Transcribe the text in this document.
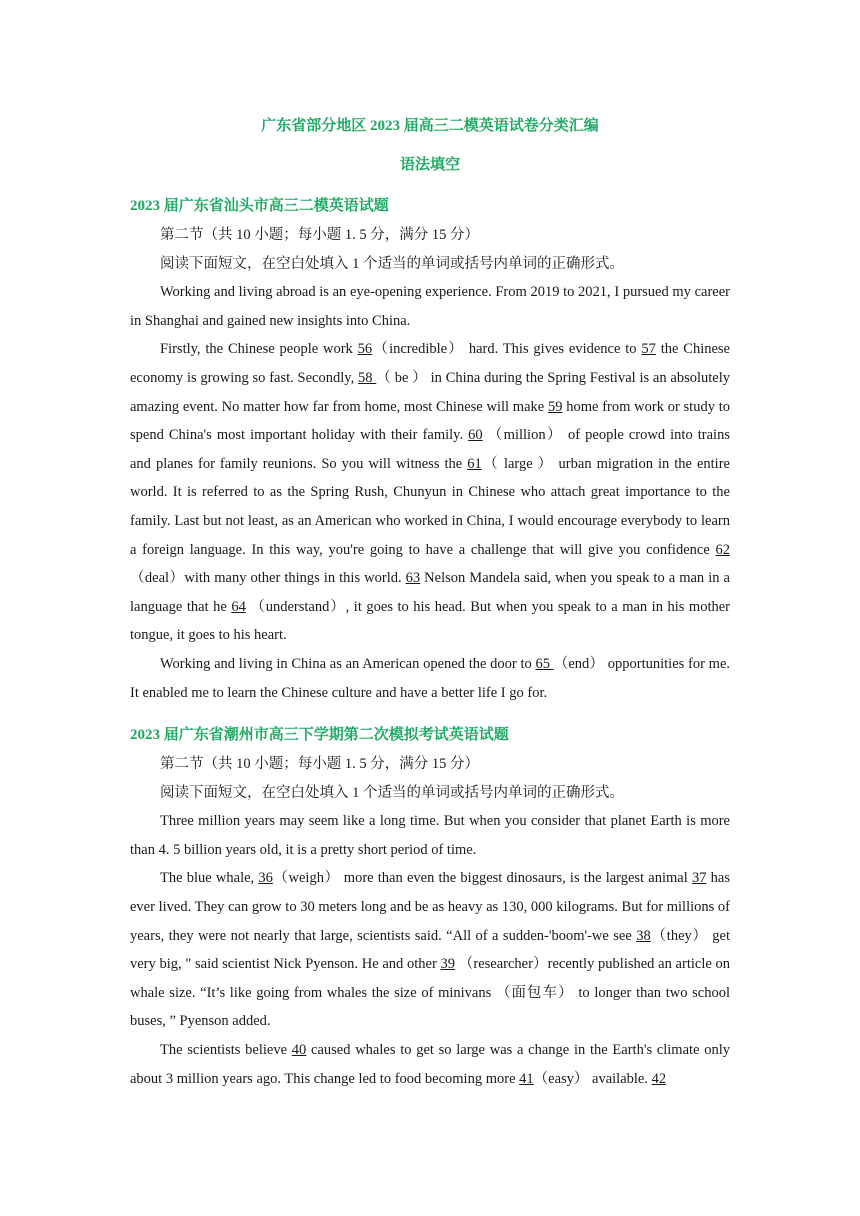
广东省部分地区 2023 届高三二模英语试卷分类汇编

语法填空

2023 届广东省汕头市高三二模英语试题

第二节（共 10 小题；每小题 1. 5 分，满分 15 分）

阅读下面短文，在空白处填入 1 个适当的单词或括号内单词的正确形式。

Working and living abroad is an eye-opening experience. From 2019 to 2021, I pursued my career in Shanghai and gained new insights into China.

Firstly, the Chinese people work 56（incredible） hard. This gives evidence to 57 the Chinese economy is growing so fast. Secondly, 58 （ be ） in China during the Spring Festival is an absolutely amazing event. No matter how far from home, most Chinese will make 59 home from work or study to spend China's most important holiday with their family. 60 （million） of people crowd into trains and planes for family reunions. So you will witness the 61（ large ） urban migration in the entire world. It is referred to as the Spring Rush, Chunyun in Chinese who attach great importance to the family. Last but not least, as an American who worked in China, I would encourage everybody to learn a foreign language. In this way, you're going to have a challenge that will give you confidence 62 （deal）with many other things in this world. 63 Nelson Mandela said, when you speak to a man in a language that he 64 （understand）, it goes to his head. But when you speak to a man in his mother tongue, it goes to his heart.

Working and living in China as an American opened the door to 65 （end） opportunities for me. It enabled me to learn the Chinese culture and have a better life I go for.

2023 届广东省潮州市高三下学期第二次模拟考试英语试题

第二节（共 10 小题；每小题 1. 5 分，满分 15 分）

阅读下面短文，在空白处填入 1 个适当的单词或括号内单词的正确形式。

Three million years may seem like a long time. But when you consider that planet Earth is more than 4. 5 billion years old, it is a pretty short period of time.

The blue whale, 36（weigh） more than even the biggest dinosaurs, is the largest animal 37 has ever lived. They can grow to 30 meters long and be as heavy as 130, 000 kilograms. But for millions of years, they were not nearly that large, scientists said. “All of a sudden-'boom'-we see 38（they） get very big, " said scientist Nick Pyenson. He and other 39 （researcher）recently published an article on whale size. “It’s like going from whales the size of minivans （面包车） to longer than two school buses, ” Pyenson added.

The scientists believe 40 caused whales to get so large was a change in the Earth's climate only about 3 million years ago. This change led to food becoming more 41（easy） available. 42
